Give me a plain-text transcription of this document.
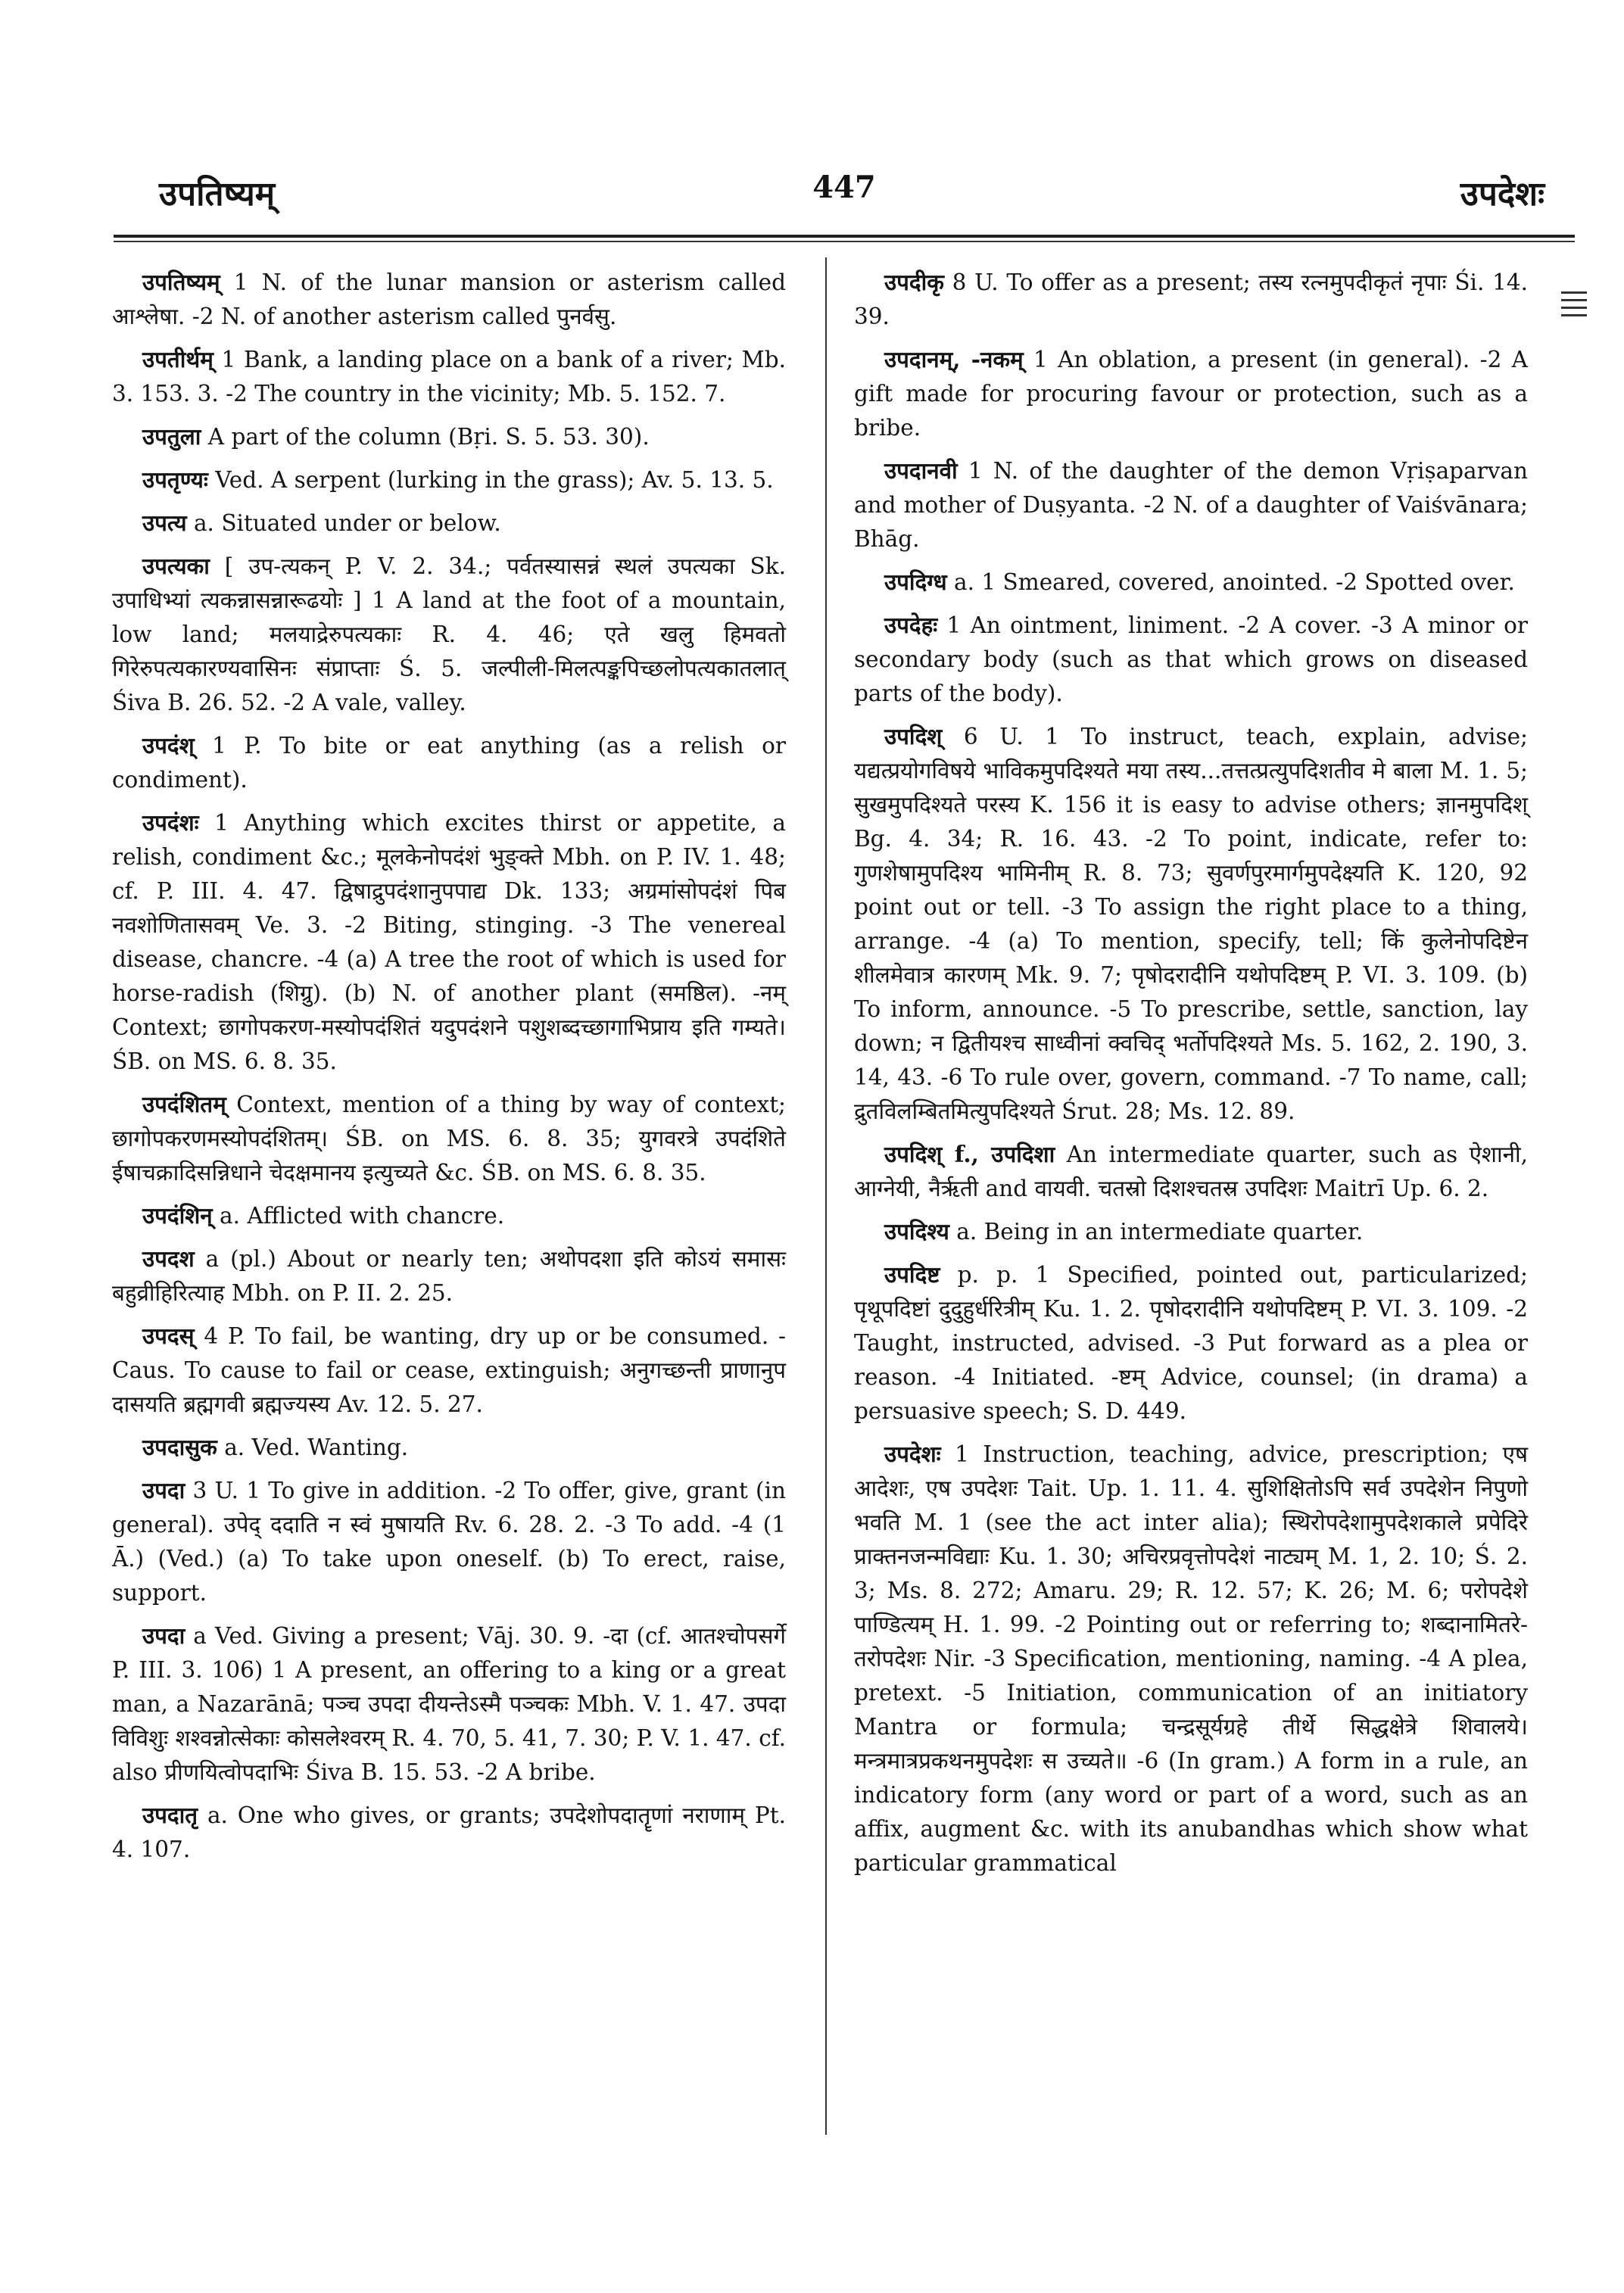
उपतिष्यम्	447	उपदेशः

उपतिष्यम् 1 N. of the lunar mansion or asterism called आश्लेषा. -2 N. of another asterism called पुनर्वसु.

उपतीर्थम् 1 Bank, a landing place on a bank of a river; Mb. 3. 153. 3. -2 The country in the vicinity; Mb. 5. 152. 7.

उपतुला A part of the column (Bṛi. S. 5. 53. 30).

उपतृण्यः Ved. A serpent (lurking in the grass); Av. 5. 13. 5.

उपत्य a. Situated under or below.

उपत्यका [ उप-त्यकन् P. V. 2. 34.; पर्वतस्यासन्नं स्थलं उपत्यका Sk. उपाधिभ्यां त्यकन्नासन्नारूढयोः ] 1 A land at the foot of a mountain, low land; मलयाद्रेरुपत्यकाः R. 4. 46; एते खलु हिमवतो गिरेरुपत्यकारण्यवासिनः संप्राप्ताः Ś. 5. जल्पीली-मिलत्पङ्कपिच्छलोपत्यकातलात् Śiva B. 26. 52. -2 A vale, valley.

उपदंश् 1 P. To bite or eat anything (as a relish or condiment).

उपदंशः 1 Anything which excites thirst or appetite, a relish, condiment &c.; मूलकेनोपदंशं भुङ्क्ते Mbh. on P. IV. 1. 48; cf. P. III. 4. 47. द्विषाद्रुपदंशानुपपाद्य Dk. 133; अग्रमांसोपदंशं पिब नवशोणितासवम् Ve. 3. -2 Biting, stinging. -3 The venereal disease, chancre. -4 (a) A tree the root of which is used for horse-radish (शिग्रु). (b) N. of another plant (समष्ठिल). -नम् Context; छागोपकरण-मस्योपदंशितं यदुपदंशने पशुशब्दच्छागाभिप्राय इति गम्यते। ŚB. on MS. 6. 8. 35.

उपदंशितम् Context, mention of a thing by way of context; छागोपकरणमस्योपदंशितम्। ŚB. on MS. 6. 8. 35; युगवरत्रे उपदंशिते ईषाचक्रादिसन्निधाने चेदक्षमानय इत्युच्यते &c. ŚB. on MS. 6. 8. 35.

उपदंशिन् a. Afflicted with chancre.

उपदश a (pl.) About or nearly ten; अथोपदशा इति कोऽयं समासः बहुव्रीहिरित्याह Mbh. on P. II. 2. 25.

उपदस् 4 P. To fail, be wanting, dry up or be consumed. -Caus. To cause to fail or cease, extinguish; अनुगच्छन्ती प्राणानुप दासयति ब्रह्मगवी ब्रह्मज्यस्य Av. 12. 5. 27.

उपदासुक a. Ved. Wanting.

उपदा 3 U. 1 To give in addition. -2 To offer, give, grant (in general). उपेद् ददाति न स्वं मुषायति Rv. 6. 28. 2. -3 To add. -4 (1 Ā.) (Ved.) (a) To take upon oneself. (b) To erect, raise, support.

उपदा a Ved. Giving a present; Vāj. 30. 9. -दा (cf. आतश्चोपसर्गे P. III. 3. 106) 1 A present, an offering to a king or a great man, a Nazarānā; पञ्च उपदा दीयन्तेऽस्मै पञ्चकः Mbh. V. 1. 47. उपदा विविशुः शश्वन्नोत्सेकाः कोसलेश्वरम् R. 4. 70, 5. 41, 7. 30; P. V. 1. 47. cf. also प्रीणयित्वोपदाभिः Śiva B. 15. 53. -2 A bribe.

उपदातृ a. One who gives, or grants; उपदेशोपदातॄणां नराणाम् Pt. 4. 107.

उपदीकृ 8 U. To offer as a present; तस्य रत्नमुपदीकृतं नृपाः Śi. 14. 39.

उपदानम्, -नकम् 1 An oblation, a present (in general). -2 A gift made for procuring favour or protection, such as a bribe.

उपदानवी 1 N. of the daughter of the demon Vṛiṣaparvan and mother of Duṣyanta. -2 N. of a daughter of Vaiśvānara; Bhāg.

उपदिग्ध a. 1 Smeared, covered, anointed. -2 Spotted over.

उपदेहः 1 An ointment, liniment. -2 A cover. -3 A minor or secondary body (such as that which grows on diseased parts of the body).

उपदिश् 6 U. 1 To instruct, teach, explain, advise; यद्यत्प्रयोगविषये भाविकमुपदिश्यते मया तस्य...तत्तत्प्रत्युपदिशतीव मे बाला M. 1. 5; सुखमुपदिश्यते परस्य K. 156 it is easy to advise others; ज्ञानमुपदिश् Bg. 4. 34; R. 16. 43. -2 To point, indicate, refer to: गुणशेषामुपदिश्य भामिनीम् R. 8. 73; सुवर्णपुरमार्गमुपदेक्ष्यति K. 120, 92 point out or tell. -3 To assign the right place to a thing, arrange. -4 (a) To mention, specify, tell; किं कुलेनोपदिष्टेन शीलमेवात्र कारणम् Mk. 9. 7; पृषोदरादीनि यथोपदिष्टम् P. VI. 3. 109. (b) To inform, announce. -5 To prescribe, settle, sanction, lay down; न द्वितीयश्च साध्वीनां क्वचिद् भर्तोपदिश्यते Ms. 5. 162, 2. 190, 3. 14, 43. -6 To rule over, govern, command. -7 To name, call; द्रुतविलम्बितमित्युपदिश्यते Śrut. 28; Ms. 12. 89.

उपदिश् f., उपदिशा An intermediate quarter, such as ऐशानी, आग्नेयी, नैर्ऋती and वायवी. चतस्रो दिशश्चतस्र उपदिशः Maitrī Up. 6. 2.

उपदिश्य a. Being in an intermediate quarter.

उपदिष्ट p. p. 1 Specified, pointed out, particularized; पृथूपदिष्टां दुदुहुर्धरित्रीम् Ku. 1. 2. पृषोदरादीनि यथोपदिष्टम् P. VI. 3. 109. -2 Taught, instructed, advised. -3 Put forward as a plea or reason. -4 Initiated. -ष्टम् Advice, counsel; (in drama) a persuasive speech; S. D. 449.

उपदेशः 1 Instruction, teaching, advice, prescription; एष आदेशः, एष उपदेशः Tait. Up. 1. 11. 4. सुशिक्षितोऽपि सर्व उपदेशेन निपुणो भवति M. 1 (see the act inter alia); स्थिरोपदेशामुपदेशकाले प्रपेदिरे प्राक्तनजन्मविद्याः Ku. 1. 30; अचिरप्रवृत्तोपदेशं नाट्यम् M. 1, 2. 10; Ś. 2. 3; Ms. 8. 272; Amaru. 29; R. 12. 57; K. 26; M. 6; परोपदेशे पाण्डित्यम् H. 1. 99. -2 Pointing out or referring to; शब्दानामितरे-तरोपदेशः Nir. -3 Specification, mentioning, naming. -4 A plea, pretext. -5 Initiation, communication of an initiatory Mantra or formula; चन्द्रसूर्यग्रहे तीर्थे सिद्धक्षेत्रे शिवालये। मन्त्रमात्रप्रकथनमुपदेशः स उच्यते॥ -6 (In gram.) A form in a rule, an indicatory form (any word or part of a word, such as an affix, augment &c. with its anubandhas which show what particular grammatical
